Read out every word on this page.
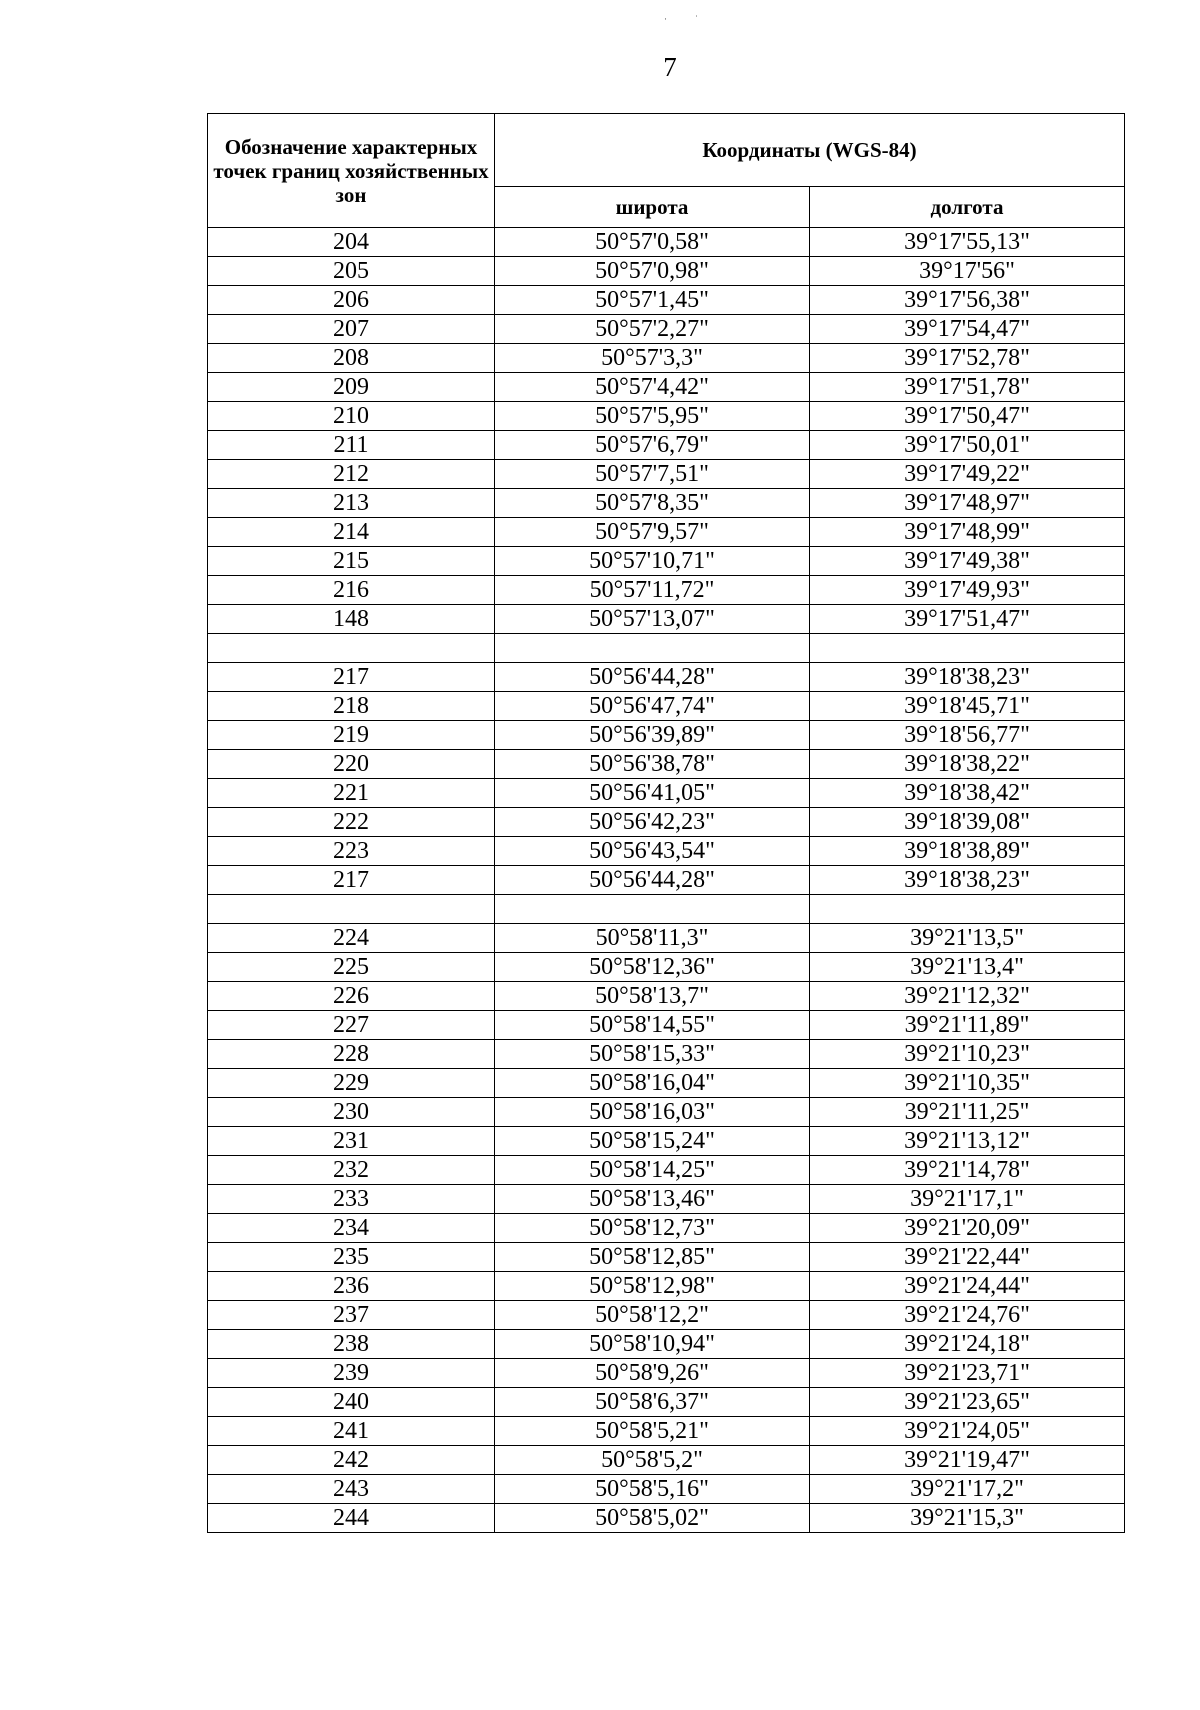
·˙
7
Обозначение характерных точек границ хозяйственных зон	Координаты (WGS-84)	
	широта	долгота
204	50°57'0,58"	39°17'55,13"
205	50°57'0,98"	39°17'56"
206	50°57'1,45"	39°17'56,38"
207	50°57'2,27"	39°17'54,47"
208	50°57'3,3"	39°17'52,78"
209	50°57'4,42"	39°17'51,78"
210	50°57'5,95"	39°17'50,47"
211	50°57'6,79"	39°17'50,01"
212	50°57'7,51"	39°17'49,22"
213	50°57'8,35"	39°17'48,97"
214	50°57'9,57"	39°17'48,99"
215	50°57'10,71"	39°17'49,38"
216	50°57'11,72"	39°17'49,93"
148	50°57'13,07"	39°17'51,47"

217	50°56'44,28"	39°18'38,23"
218	50°56'47,74"	39°18'45,71"
219	50°56'39,89"	39°18'56,77"
220	50°56'38,78"	39°18'38,22"
221	50°56'41,05"	39°18'38,42"
222	50°56'42,23"	39°18'39,08"
223	50°56'43,54"	39°18'38,89"
217	50°56'44,28"	39°18'38,23"

224	50°58'11,3"	39°21'13,5"
225	50°58'12,36"	39°21'13,4"
226	50°58'13,7"	39°21'12,32"
227	50°58'14,55"	39°21'11,89"
228	50°58'15,33"	39°21'10,23"
229	50°58'16,04"	39°21'10,35"
230	50°58'16,03"	39°21'11,25"
231	50°58'15,24"	39°21'13,12"
232	50°58'14,25"	39°21'14,78"
233	50°58'13,46"	39°21'17,1"
234	50°58'12,73"	39°21'20,09"
235	50°58'12,85"	39°21'22,44"
236	50°58'12,98"	39°21'24,44"
237	50°58'12,2"	39°21'24,76"
238	50°58'10,94"	39°21'24,18"
239	50°58'9,26"	39°21'23,71"
240	50°58'6,37"	39°21'23,65"
241	50°58'5,21"	39°21'24,05"
242	50°58'5,2"	39°21'19,47"
243	50°58'5,16"	39°21'17,2"
244	50°58'5,02"	39°21'15,3"
